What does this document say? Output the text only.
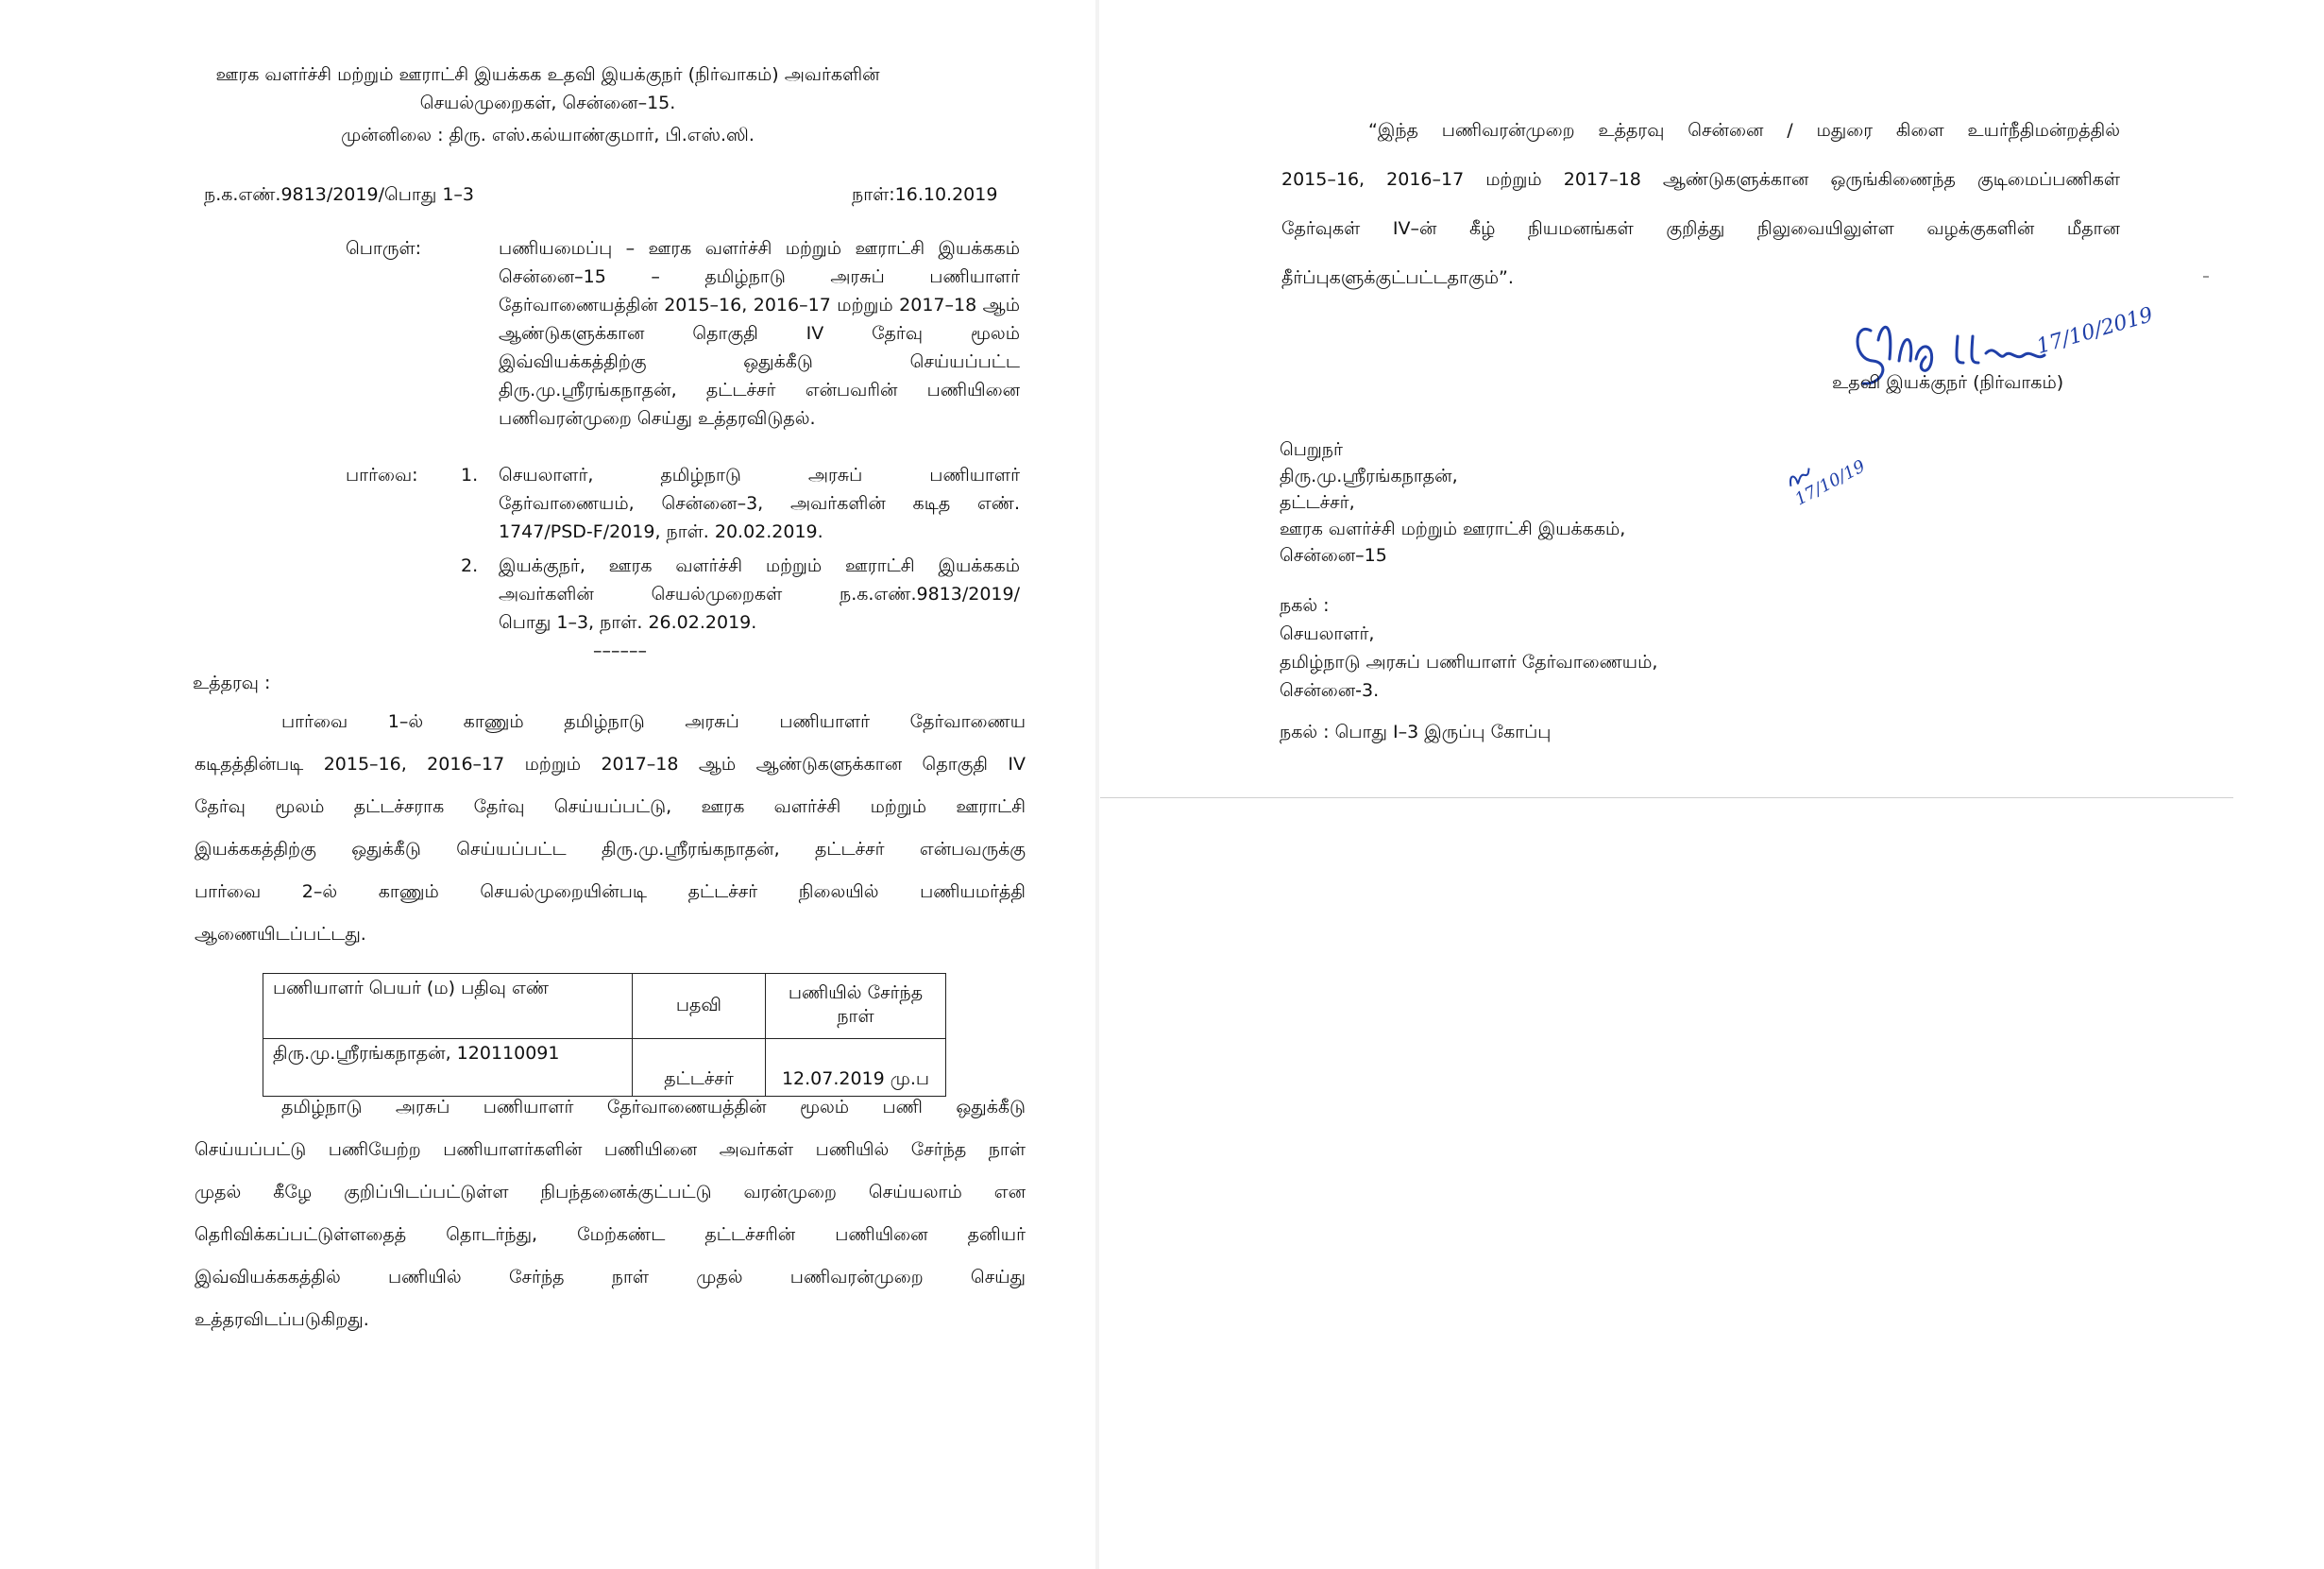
ஊரக வளர்ச்சி மற்றும் ஊராட்சி இயக்கக உதவி இயக்குநர் (நிர்வாகம்) அவர்களின்
செயல்முறைகள், சென்னை–15.
முன்னிலை : திரு. எஸ்.கல்யாண்குமார், பி.எஸ்.ஸி.
ந.க.எண்.9813/2019/பொது 1–3	நாள்:16.10.2019
பொருள்:	பணியமைப்பு – ஊரக வளர்ச்சி மற்றும் ஊராட்சி இயக்ககம்
சென்னை–15 – தமிழ்நாடு அரசுப் பணியாளர்
தேர்வாணையத்தின் 2015–16, 2016–17 மற்றும் 2017–18 ஆம்
ஆண்டுகளுக்கான தொகுதி IV தேர்வு மூலம்
இவ்வியக்கத்திற்கு ஒதுக்கீடு செய்யப்பட்ட
திரு.மு.ஸ்ரீரங்கநாதன், தட்டச்சர் என்பவரின் பணியினை
பணிவரன்முறை செய்து உத்தரவிடுதல்.
பார்வை: 1. செயலாளர், தமிழ்நாடு அரசுப் பணியாளர்
தேர்வாணையம், சென்னை–3, அவர்களின் கடித எண்.
1747/PSD-F/2019, நாள். 20.02.2019.
2. இயக்குநர், ஊரக வளர்ச்சி மற்றும் ஊராட்சி இயக்ககம்
அவர்களின் செயல்முறைகள் ந.க.எண்.9813/2019/
பொது 1–3, நாள். 26.02.2019.
––––––
உத்தரவு :
பார்வை 1–ல் காணும் தமிழ்நாடு அரசுப் பணியாளர் தேர்வாணைய
கடிதத்தின்படி 2015–16, 2016–17 மற்றும் 2017–18 ஆம் ஆண்டுகளுக்கான தொகுதி IV
தேர்வு மூலம் தட்டச்சராக தேர்வு செய்யப்பட்டு, ஊரக வளர்ச்சி மற்றும் ஊராட்சி
இயக்ககத்திற்கு ஒதுக்கீடு செய்யப்பட்ட திரு.மு.ஸ்ரீரங்கநாதன், தட்டச்சர் என்பவருக்கு
பார்வை 2–ல் காணும் செயல்முறையின்படி தட்டச்சர் நிலையில் பணியமர்த்தி
ஆணையிடப்பட்டது.
பணியாளர் பெயர் (ம) பதிவு எண்	பதவி	பணியில் சேர்ந்த நாள்
திரு.மு.ஸ்ரீரங்கநாதன், 120110091	தட்டச்சர்	12.07.2019 மு.ப
தமிழ்நாடு அரசுப் பணியாளர் தேர்வாணையத்தின் மூலம் பணி ஒதுக்கீடு
செய்யப்பட்டு பணியேற்ற பணியாளர்களின் பணியினை அவர்கள் பணியில் சேர்ந்த நாள்
முதல் கீழே குறிப்பிடப்பட்டுள்ள நிபந்தனைக்குட்பட்டு வரன்முறை செய்யலாம் என
தெரிவிக்கப்பட்டுள்ளதைத் தொடர்ந்து, மேற்கண்ட தட்டச்சரின் பணியினை தனியர்
இவ்வியக்ககத்தில் பணியில் சேர்ந்த நாள் முதல் பணிவரன்முறை செய்து
உத்தரவிடப்படுகிறது.
“இந்த பணிவரன்முறை உத்தரவு சென்னை / மதுரை கிளை உயர்நீதிமன்றத்தில்
2015–16, 2016–17 மற்றும் 2017–18 ஆண்டுகளுக்கான ஒருங்கிணைந்த குடிமைப்பணிகள்
தேர்வுகள் IV–ன் கீழ் நியமனங்கள் குறித்து நிலுவையிலுள்ள வழக்குகளின் மீதான
தீர்ப்புகளுக்குட்பட்டதாகும்”.
17/10/2019
உதவி இயக்குநர் (நிர்வாகம்)
பெறுநர்
திரு.மு.ஸ்ரீரங்கநாதன்,
தட்டச்சர்,
ஊரக வளர்ச்சி மற்றும் ஊராட்சி இயக்ககம்,
சென்னை–15
17/10/19
நகல் :
செயலாளர்,
தமிழ்நாடு அரசுப் பணியாளர் தேர்வாணையம்,
சென்னை-3.
நகல் : பொது I–3 இருப்பு கோப்பு
